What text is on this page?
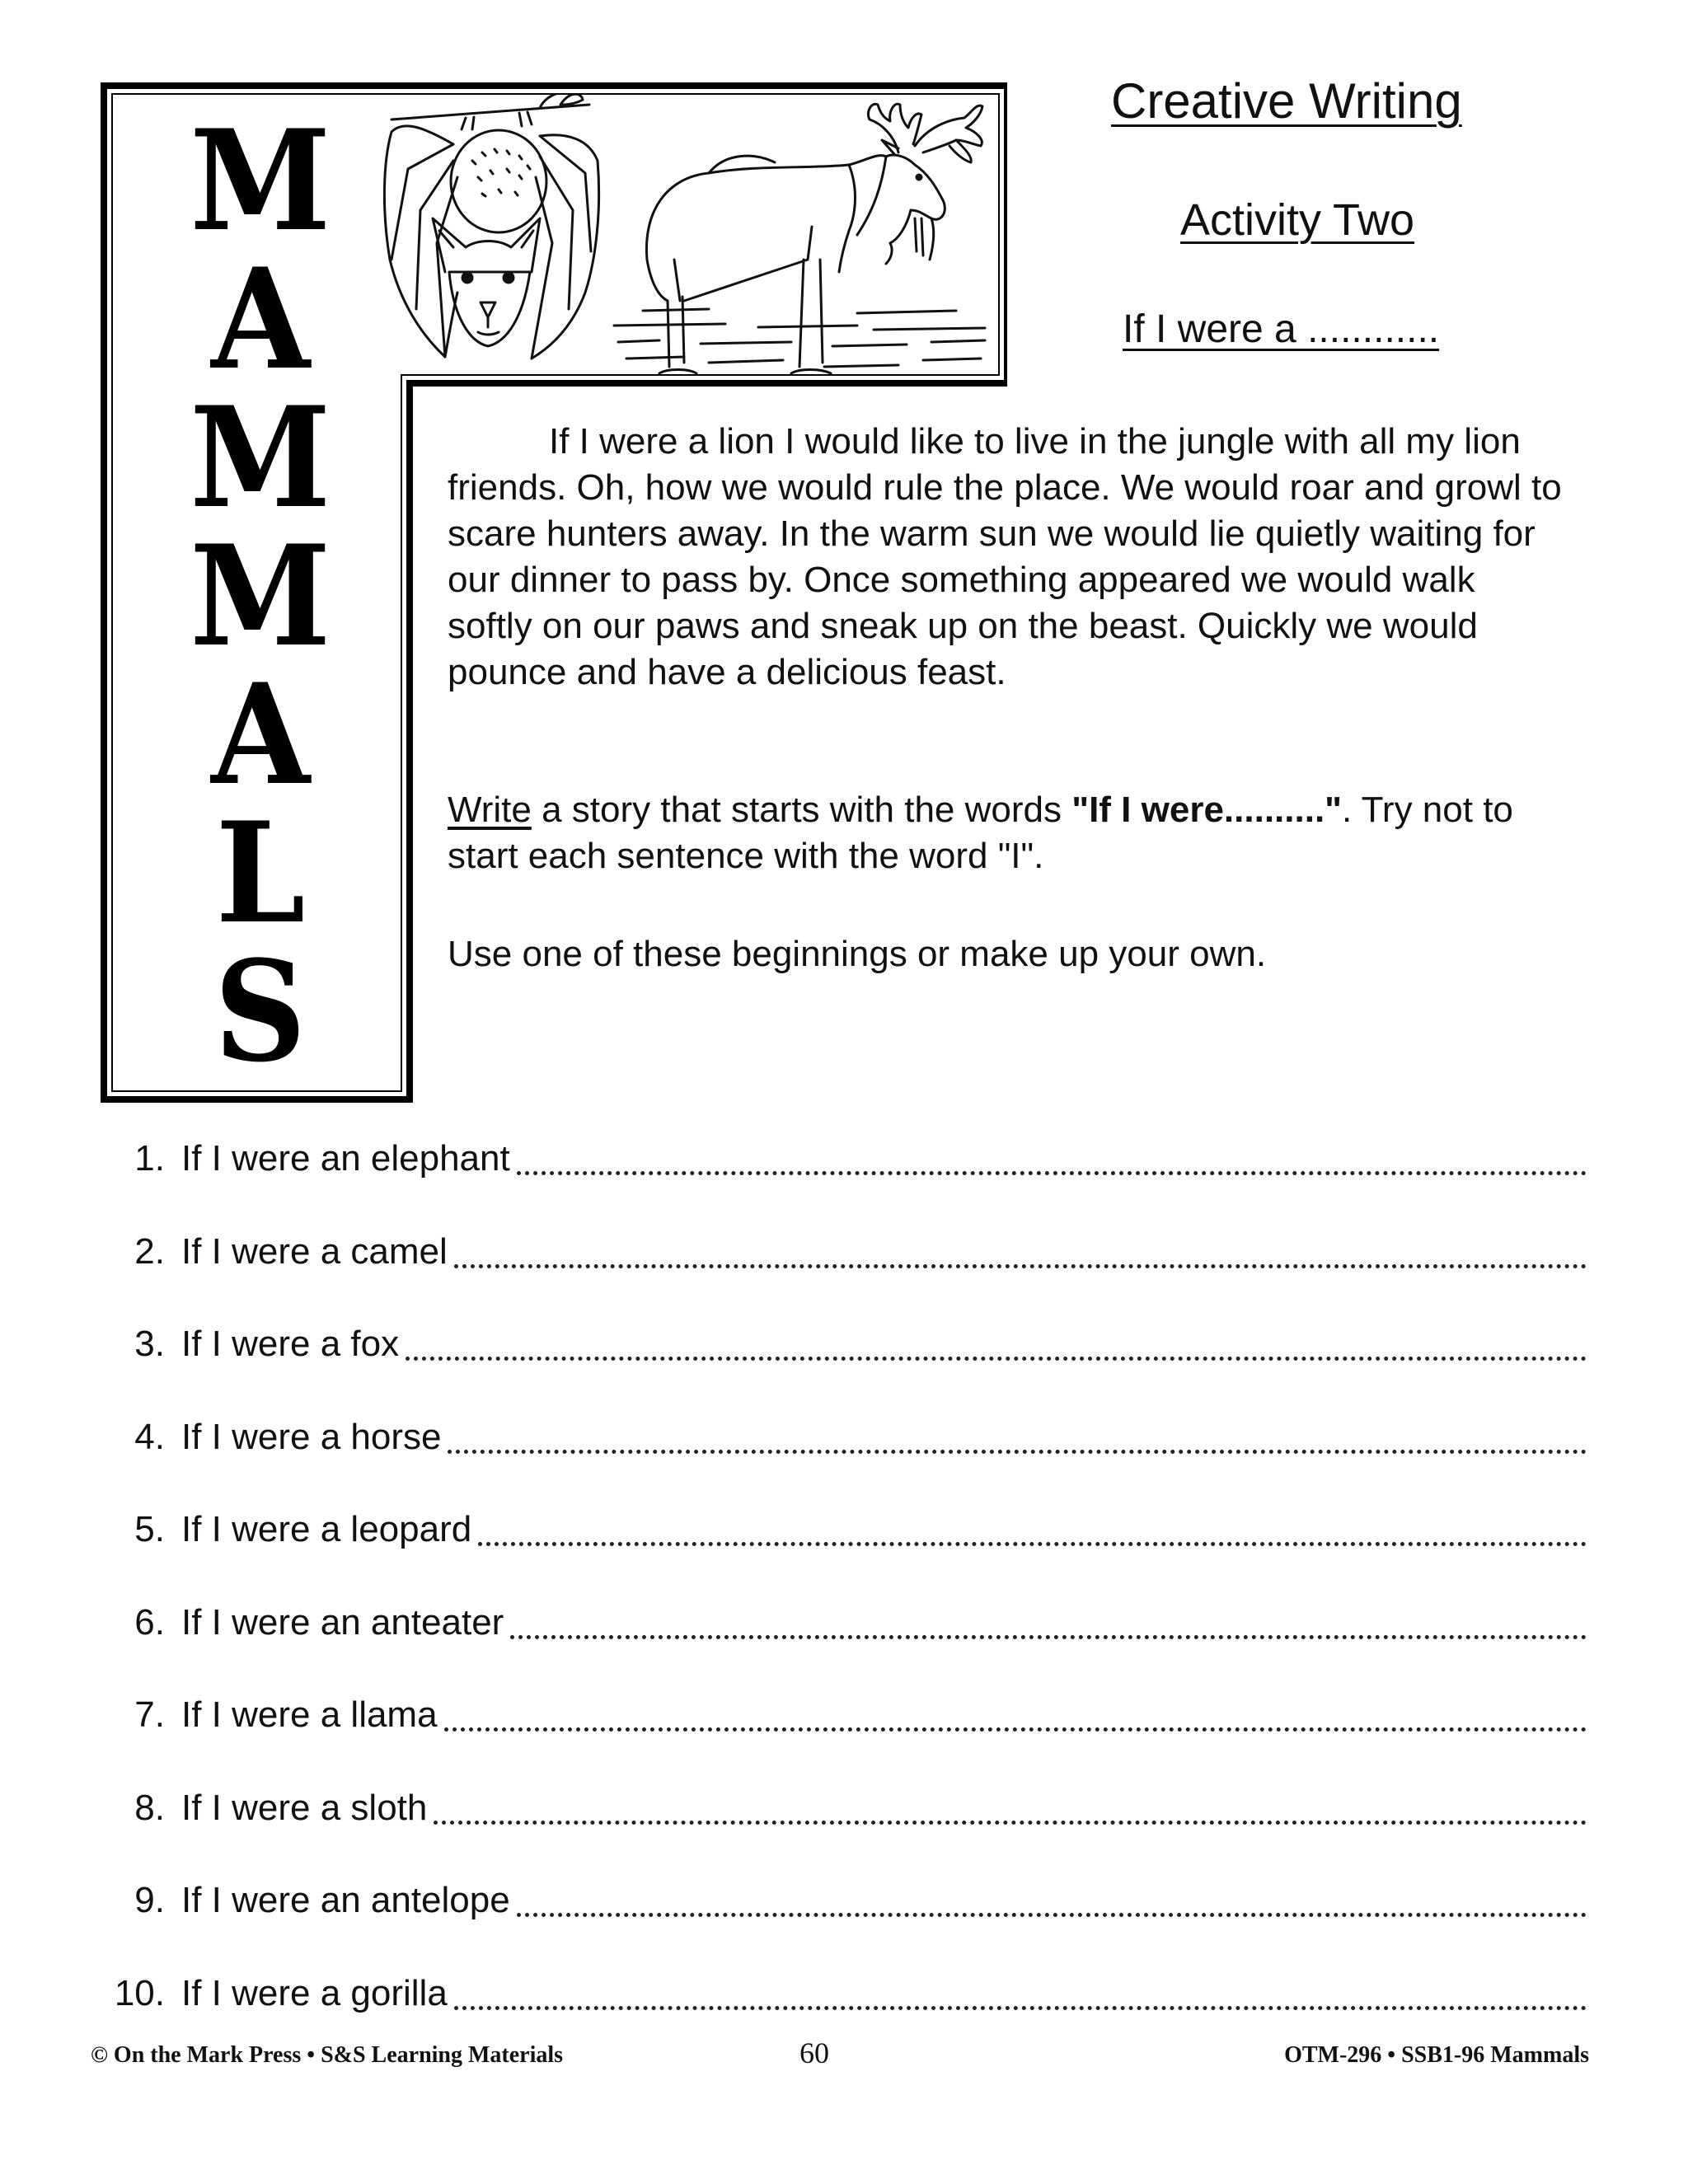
M
A
M
M
A
L
S
Creative Writing
Activity Two
If I were a ............

If I were a lion I would like to live in the jungle with all my lion friends. Oh, how we would rule the place. We would roar and growl to scare hunters away. In the warm sun we would lie quietly waiting for our dinner to pass by. Once something appeared we would walk softly on our paws and sneak up on the beast. Quickly we would pounce and have a delicious feast.

Write a story that starts with the words "If I were..........". Try not to start each sentence with the word "I".

Use one of these beginnings or make up your own.

1. If I were an elephant
2. If I were a camel
3. If I were a fox
4. If I were a horse
5. If I were a leopard
6. If I were an anteater
7. If I were a llama
8. If I were a sloth
9. If I were an antelope
10. If I were a gorilla
© On the Mark Press • S&S Learning Materials	60	OTM-296 • SSB1-96 Mammals
